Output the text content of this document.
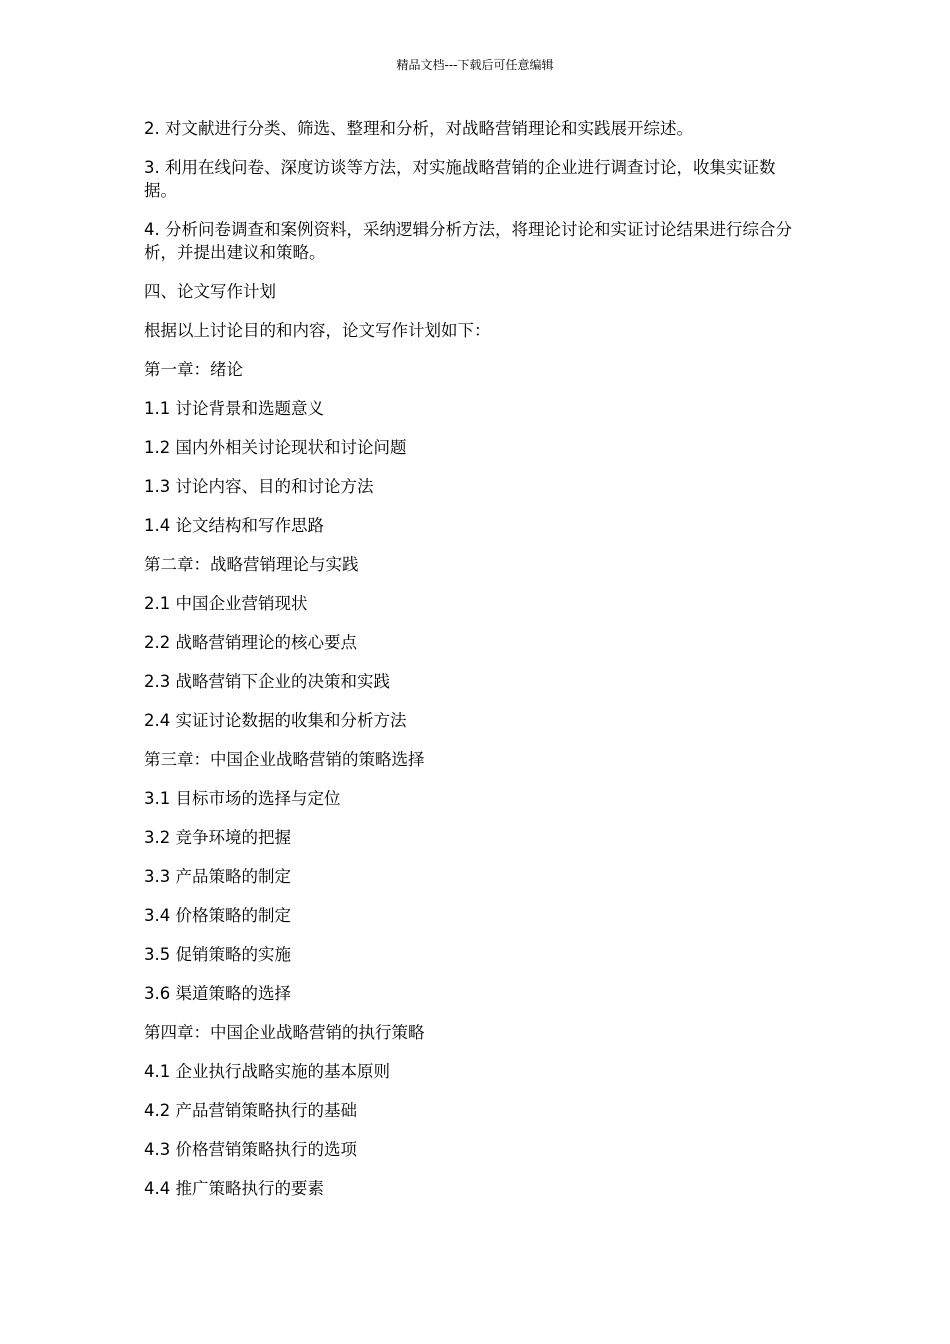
精品文档---下载后可任意编辑

2. 对文献进行分类、筛选、整理和分析，对战略营销理论和实践展开综述。

3. 利用在线问卷、深度访谈等方法，对实施战略营销的企业进行调查讨论，收集实证数据。

4. 分析问卷调查和案例资料，采纳逻辑分析方法，将理论讨论和实证讨论结果进行综合分析，并提出建议和策略。

四、论文写作计划
根据以上讨论目的和内容，论文写作计划如下：
第一章：绪论
1.1 讨论背景和选题意义
1.2 国内外相关讨论现状和讨论问题
1.3 讨论内容、目的和讨论方法
1.4 论文结构和写作思路
第二章：战略营销理论与实践
2.1 中国企业营销现状
2.2 战略营销理论的核心要点
2.3 战略营销下企业的决策和实践
2.4 实证讨论数据的收集和分析方法
第三章：中国企业战略营销的策略选择
3.1 目标市场的选择与定位
3.2 竞争环境的把握
3.3 产品策略的制定
3.4 价格策略的制定
3.5 促销策略的实施
3.6 渠道策略的选择
第四章：中国企业战略营销的执行策略
4.1 企业执行战略实施的基本原则
4.2 产品营销策略执行的基础
4.3 价格营销策略执行的选项
4.4 推广策略执行的要素
